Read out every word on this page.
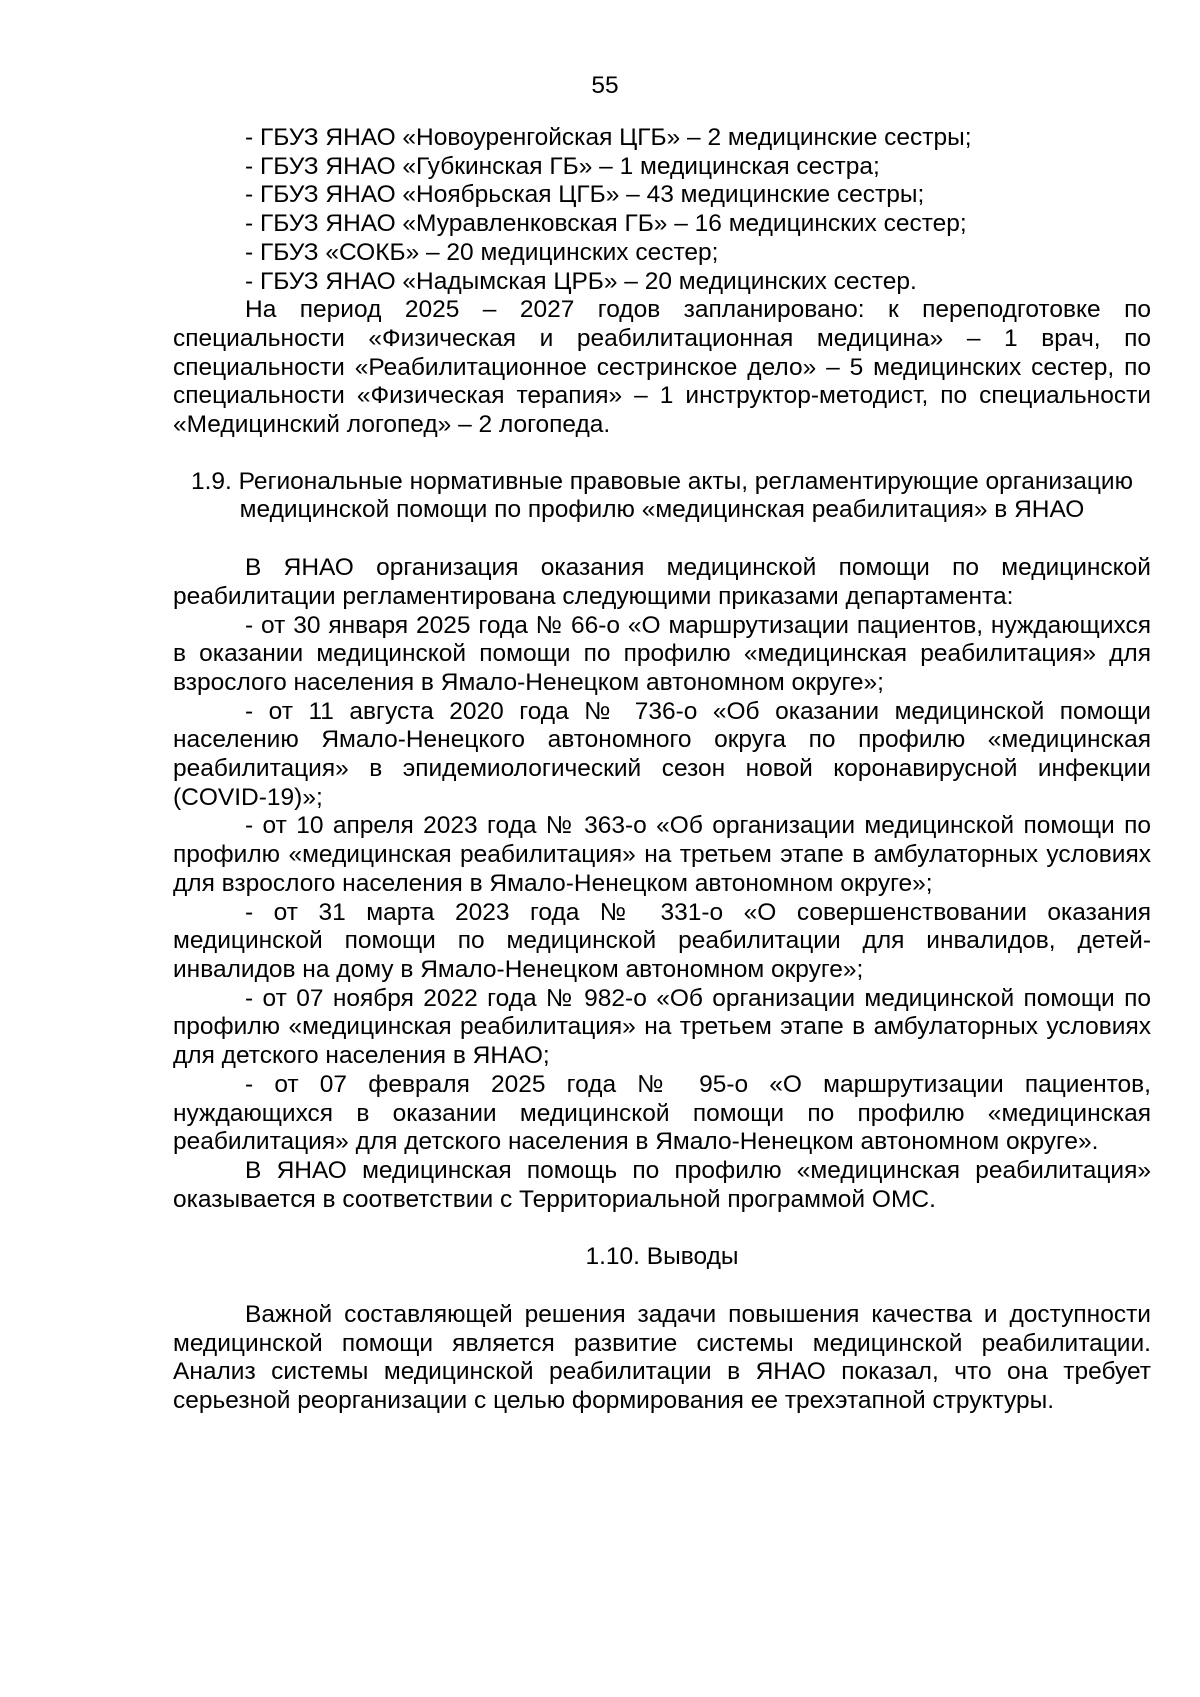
55

- ГБУЗ ЯНАО «Новоуренгойская ЦГБ» – 2 медицинские сестры;

- ГБУЗ ЯНАО «Губкинская ГБ» – 1 медицинская сестра;

- ГБУЗ ЯНАО «Ноябрьская ЦГБ» – 43 медицинские сестры;

- ГБУЗ ЯНАО «Муравленковская ГБ» – 16 медицинских сестер;

- ГБУЗ «СОКБ» – 20 медицинских сестер;

- ГБУЗ ЯНАО «Надымская ЦРБ» – 20 медицинских сестер.

На период 2025 – 2027 годов запланировано: к переподготовке по специальности «Физическая и реабилитационная медицина» – 1 врач, по специальности «Реабилитационное сестринское дело» – 5 медицинских сестер, по специальности «Физическая терапия» – 1 инструктор-методист, по специальности «Медицинский логопед» – 2 логопеда.

1.9. Региональные нормативные правовые акты, регламентирующие организацию медицинской помощи по профилю «медицинская реабилитация» в ЯНАО

В ЯНАО организация оказания медицинской помощи по медицинской реабилитации регламентирована следующими приказами департамента:

- от 30 января 2025 года № 66-о «О маршрутизации пациентов, нуждающихся в оказании медицинской помощи по профилю «медицинская реабилитация» для взрослого населения в Ямало-Ненецком автономном округе»;

- от 11 августа 2020 года № 736-о «Об оказании медицинской помощи населению Ямало-Ненецкого автономного округа по профилю «медицинская реабилитация» в эпидемиологический сезон новой коронавирусной инфекции (COVID-19)»;

- от 10 апреля 2023 года № 363-о «Об организации медицинской помощи по профилю «медицинская реабилитация» на третьем этапе в амбулаторных условиях для взрослого населения в Ямало-Ненецком автономном округе»;

- от 31 марта 2023 года № 331-о «О совершенствовании оказания медицинской помощи по медицинской реабилитации для инвалидов, детей-инвалидов на дому в Ямало-Ненецком автономном округе»;

- от 07 ноября 2022 года № 982-о «Об организации медицинской помощи по профилю «медицинская реабилитация» на третьем этапе в амбулаторных условиях для детского населения в ЯНАО;

- от 07 февраля 2025 года № 95-о «О маршрутизации пациентов, нуждающихся в оказании медицинской помощи по профилю «медицинская реабилитация» для детского населения в Ямало-Ненецком автономном округе».

В ЯНАО медицинская помощь по профилю «медицинская реабилитация» оказывается в соответствии с Территориальной программой ОМС.

1.10. Выводы

Важной составляющей решения задачи повышения качества и доступности медицинской помощи является развитие системы медицинской реабилитации. Анализ системы медицинской реабилитации в ЯНАО показал, что она требует серьезной реорганизации с целью формирования ее трехэтапной структуры.
